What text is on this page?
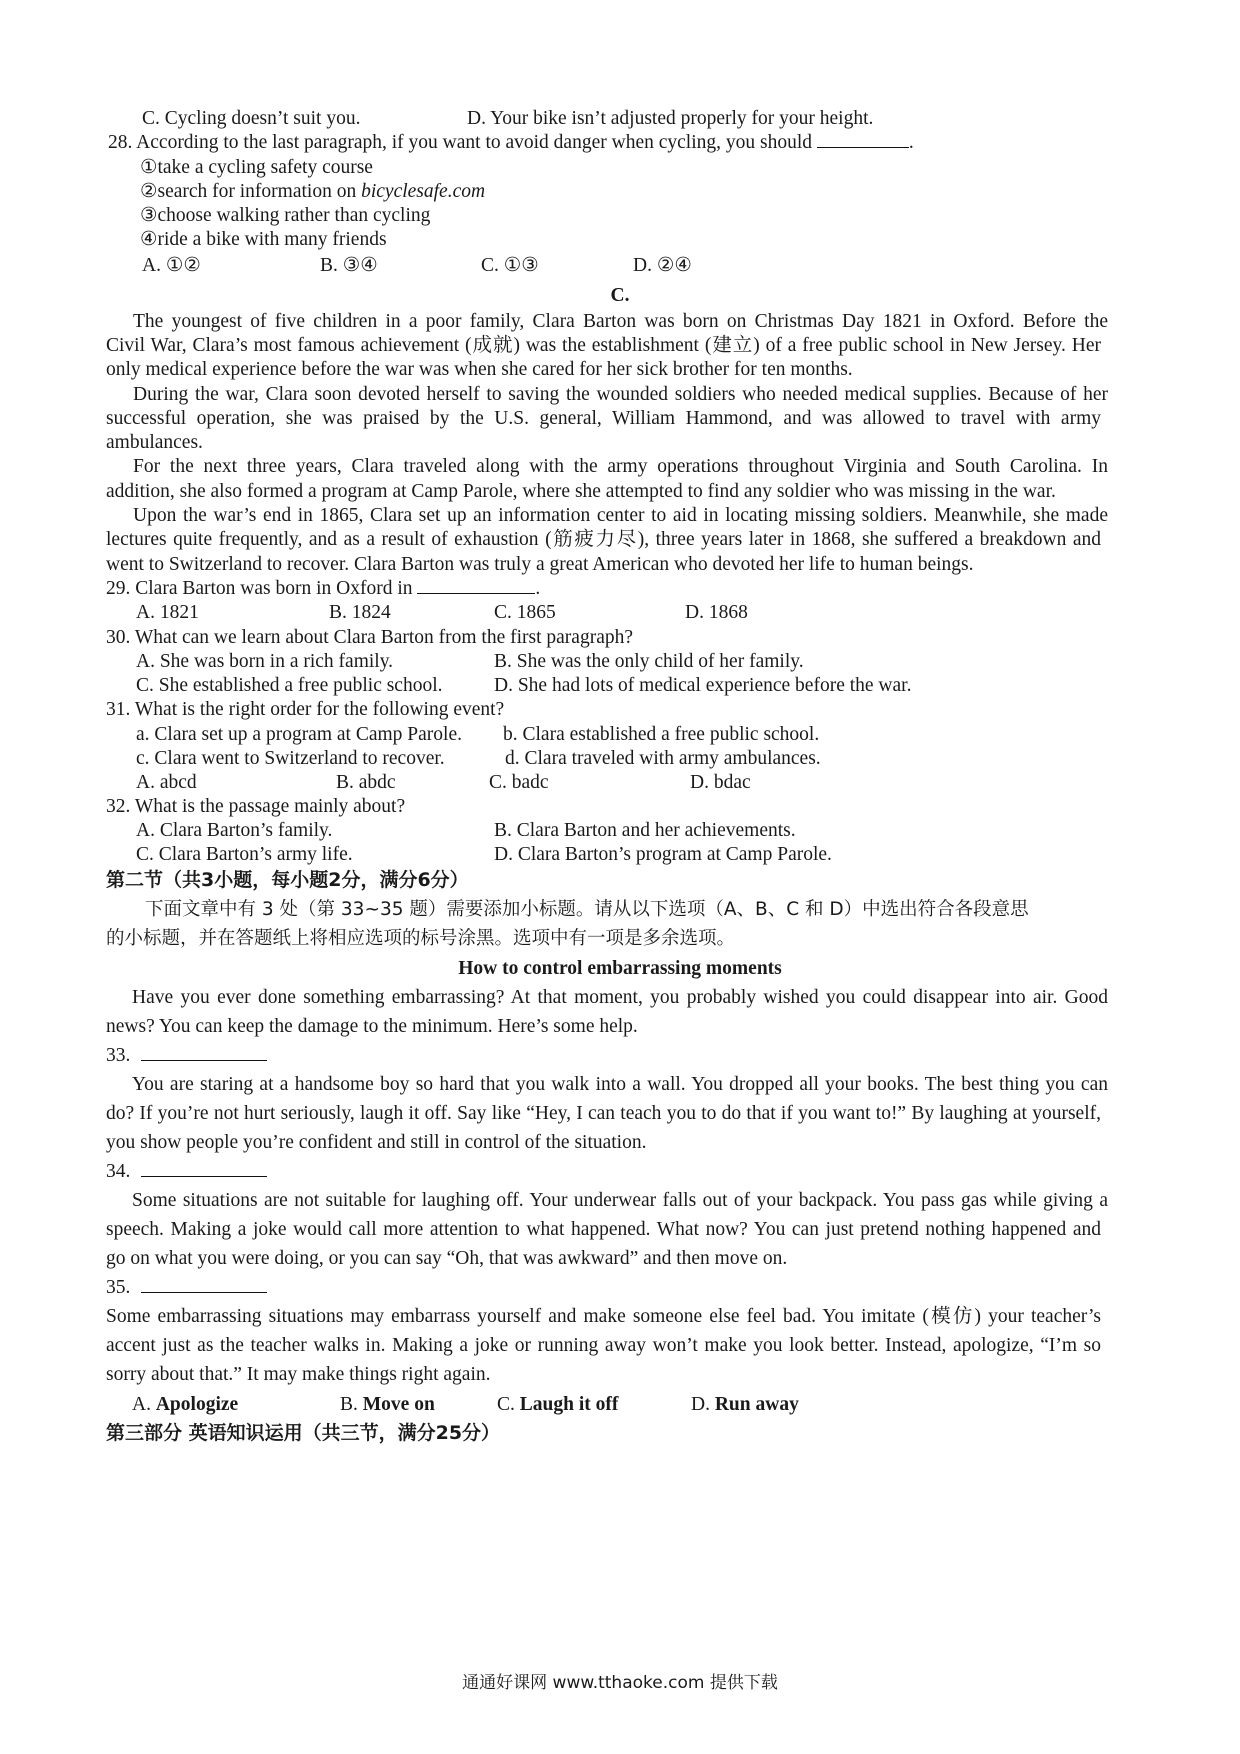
C. Cycling doesn’t suit you.	D. Your bike isn’t adjusted properly for your height.
28. According to the last paragraph, if you want to avoid danger when cycling, you should	.
①take a cycling safety course
②search for information on bicyclesafe.com
③choose walking rather than cycling
④ride a bike with many friends
A. ①②	B. ③④	C. ①③	D. ②④
C.
The youngest of five children in a poor family, Clara Barton was born on Christmas Day 1821 in Oxford. Before the
Civil War, Clara’s most famous achievement (成就) was the establishment (建立) of a free public school in New Jersey. Her
only medical experience before the war was when she cared for her sick brother for ten months.
During the war, Clara soon devoted herself to saving the wounded soldiers who needed medical supplies. Because of her
successful operation, she was praised by the U.S. general, William Hammond, and was allowed to travel with army
ambulances.
For the next three years, Clara traveled along with the army operations throughout Virginia and South Carolina. In
addition, she also formed a program at Camp Parole, where she attempted to find any soldier who was missing in the war.
Upon the war’s end in 1865, Clara set up an information center to aid in locating missing soldiers. Meanwhile, she made
lectures quite frequently, and as a result of exhaustion (筋疲力尽), three years later in 1868, she suffered a breakdown and
went to Switzerland to recover. Clara Barton was truly a great American who devoted her life to human beings.
29. Clara Barton was born in Oxford in	.
A. 1821	B. 1824	C. 1865	D. 1868
30. What can we learn about Clara Barton from the first paragraph?
A. She was born in a rich family.	B. She was the only child of her family.
C. She established a free public school.	D. She had lots of medical experience before the war.
31. What is the right order for the following event?
a. Clara set up a program at Camp Parole. b. Clara established a free public school.
c. Clara went to Switzerland to recover.	d. Clara traveled with army ambulances.
A. abcd	B. abdc	C. badc	D. bdac
32. What is the passage mainly about?
A. Clara Barton’s family.	B. Clara Barton and her achievements.
C. Clara Barton’s army life.	D. Clara Barton’s program at Camp Parole.
第二节（共3小题，每小题2分，满分6分）
下面文章中有 3 处（第 33~35 题）需要添加小标题。请从以下选项（A、B、C 和 D）中选出符合各段意思
的小标题，并在答题纸上将相应选项的标号涂黑。选项中有一项是多余选项。
How to control embarrassing moments
Have you ever done something embarrassing? At that moment, you probably wished you could disappear into air. Good
news? You can keep the damage to the minimum. Here’s some help.
33.
You are staring at a handsome boy so hard that you walk into a wall. You dropped all your books. The best thing you can
do? If you’re not hurt seriously, laugh it off. Say like “Hey, I can teach you to do that if you want to!” By laughing at yourself,
you show people you’re confident and still in control of the situation.
34.
Some situations are not suitable for laughing off. Your underwear falls out of your backpack. You pass gas while giving a
speech. Making a joke would call more attention to what happened. What now? You can just pretend nothing happened and
go on what you were doing, or you can say “Oh, that was awkward” and then move on.
35.
Some embarrassing situations may embarrass yourself and make someone else feel bad. You imitate (模仿) your teacher’s
accent just as the teacher walks in. Making a joke or running away won’t make you look better. Instead, apologize, “I’m so
sorry about that.” It may make things right again.
A. Apologize	B. Move on	C. Laugh it off	D. Run away
第三部分 英语知识运用（共三节，满分25分）
通通好课网 www.tthaoke.com 提供下载
